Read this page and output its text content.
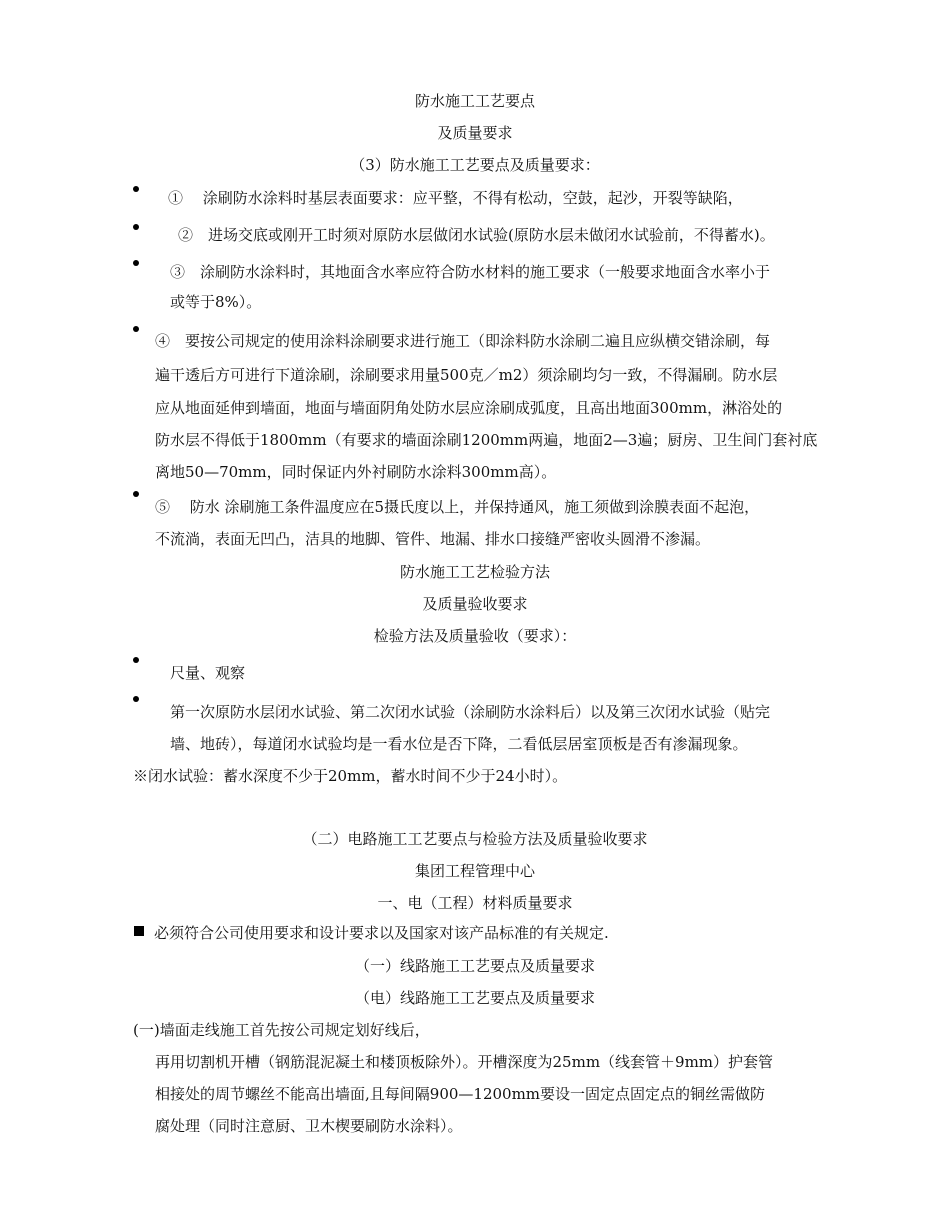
防水施工工艺要点
及质量要求
（3）防水施工工艺要点及质量要求：
①　 涂刷防水涂料时基层表面要求：应平整，不得有松动，空鼓，起沙，开裂等缺陷，
②　进场交底或刚开工时须对原防水层做闭水试验(原防水层未做闭水试验前，不得蓄水)。
③　涂刷防水涂料时，其地面含水率应符合防水材料的施工要求（一般要求地面含水率小于
或等于8%）。
④　要按公司规定的使用涂料涂刷要求进行施工（即涂料防水涂刷二遍且应纵横交错涂刷，每
遍干透后方可进行下道涂刷，涂刷要求用量500克／m2）须涂刷均匀一致，不得漏刷。防水层
应从地面延伸到墙面，地面与墙面阴角处防水层应涂刷成弧度，且高出地面300mm，淋浴处的
防水层不得低于1800mm（有要求的墙面涂刷1200mm两遍，地面2—3遍；厨房、卫生间门套衬底
离地50—70mm，同时保证内外衬刷防水涂料300mm高）。
⑤　 防水 涂刷施工条件温度应在5摄氏度以上，并保持通风，施工须做到涂膜表面不起泡，
不流淌，表面无凹凸，洁具的地脚、管件、地漏、排水口接缝严密收头圆滑不渗漏。
防水施工工艺检验方法
及质量验收要求
检验方法及质量验收（要求）：
尺量、观察
第一次原防水层闭水试验、第二次闭水试验（涂刷防水涂料后）以及第三次闭水试验（贴完
墙、地砖），每道闭水试验均是一看水位是否下降，二看低层居室顶板是否有渗漏现象。
※闭水试验：蓄水深度不少于20mm，蓄水时间不少于24小时）。
（二）电路施工工艺要点与检验方法及质量验收要求
集团工程管理中心
一、电（工程）材料质量要求
必须符合公司使用要求和设计要求以及国家对该产品标准的有关规定.
（一）线路施工工艺要点及质量要求
（电）线路施工工艺要点及质量要求
(一)墙面走线施工首先按公司规定划好线后，
再用切割机开槽（钢筋混泥凝土和楼顶板除外）。开槽深度为25mm（线套管＋9mm）护套管
相接处的周节螺丝不能高出墙面,且每间隔900—1200mm要设一固定点固定点的铜丝需做防
腐处理（同时注意厨、卫木楔要刷防水涂料）。
